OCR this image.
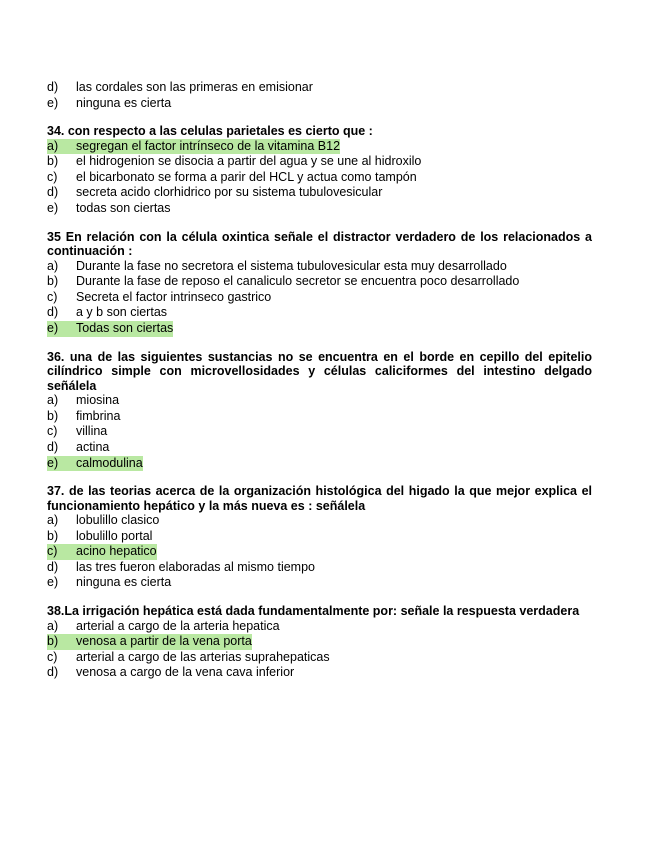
d)	las cordales son las primeras en emisionar
e)	ninguna es cierta

34. con respecto a las celulas parietales es cierto que :

a)	segregan el factor intrínseco de la vitamina B12
b)	el hidrogenion se disocia a partir del agua y se une al hidroxilo
c)	el bicarbonato se forma a parir del HCL y actua como tampón
d)	secreta acido clorhidrico por su sistema tubulovesicular
e)	todas son ciertas

35 En relación con la célula oxintica señale el distractor verdadero de los relacionados a continuación :

a)	Durante la fase no secretora el sistema tubulovesicular esta muy desarrollado
b)	Durante la fase de reposo el canaliculo secretor se encuentra poco desarrollado
c)	Secreta el factor intrinseco gastrico
d)	a y b son ciertas
e)	Todas son ciertas

36. una de las siguientes sustancias no se encuentra en el borde en cepillo del epitelio cilíndrico simple con microvellosidades y células caliciformes del intestino delgado señálela

a)	miosina
b)	fimbrina
c)	villina
d)	actina
e)	calmodulina

37. de las teorias acerca de la organización histológica del higado la que mejor explica el funcionamiento hepático y la más nueva es : señálela

a)	lobulillo clasico
b)	lobulillo portal
c)	acino hepatico
d)	las tres fueron elaboradas al mismo tiempo
e)	ninguna es cierta

38.La irrigación hepática está dada fundamentalmente por: señale la respuesta verdadera

a)	arterial a cargo de la arteria hepatica
b)	venosa a partir de la vena porta
c)	arterial a cargo de las arterias suprahepaticas
d)	venosa a cargo de la vena cava inferior
